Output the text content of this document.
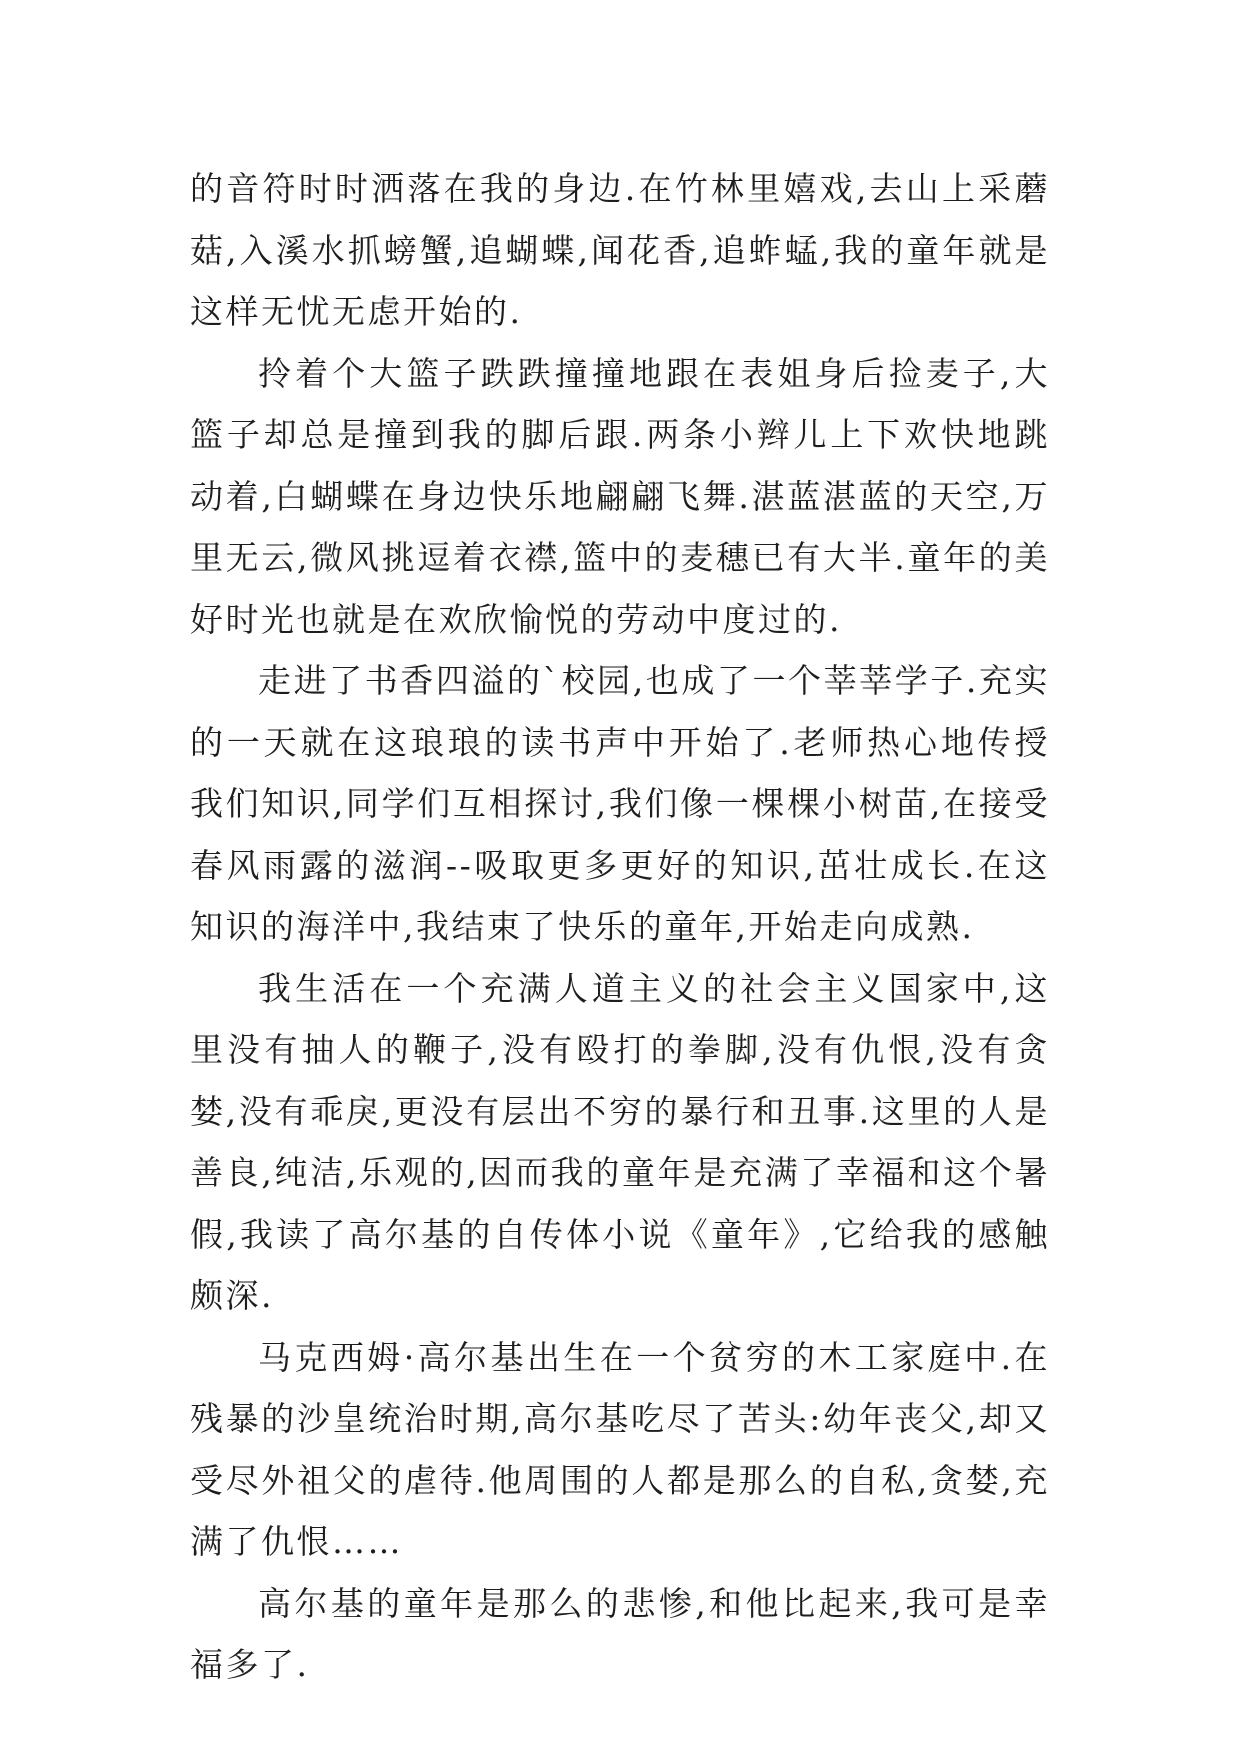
的音符时时洒落在我的身边.在竹林里嬉戏,去山上采蘑菇,入溪水抓螃蟹,追蝴蝶,闻花香,追蚱蜢,我的童年就是这样无忧无虑开始的.

拎着个大篮子跌跌撞撞地跟在表姐身后捡麦子,大篮子却总是撞到我的脚后跟.两条小辫儿上下欢快地跳动着,白蝴蝶在身边快乐地翩翩飞舞.湛蓝湛蓝的天空,万里无云,微风挑逗着衣襟,篮中的麦穗已有大半.童年的美好时光也就是在欢欣愉悦的劳动中度过的.

走进了书香四溢的`校园,也成了一个莘莘学子.充实的一天就在这琅琅的读书声中开始了.老师热心地传授我们知识,同学们互相探讨,我们像一棵棵小树苗,在接受春风雨露的滋润--吸取更多更好的知识,茁壮成长.在这知识的海洋中,我结束了快乐的童年,开始走向成熟.

我生活在一个充满人道主义的社会主义国家中,这里没有抽人的鞭子,没有殴打的拳脚,没有仇恨,没有贪婪,没有乖戾,更没有层出不穷的暴行和丑事.这里的人是善良,纯洁,乐观的,因而我的童年是充满了幸福和这个暑假,我读了高尔基的自传体小说《童年》,它给我的感触颇深.

马克西姆·高尔基出生在一个贫穷的木工家庭中.在残暴的沙皇统治时期,高尔基吃尽了苦头:幼年丧父,却又受尽外祖父的虐待.他周围的人都是那么的自私,贪婪,充满了仇恨……

高尔基的童年是那么的悲惨,和他比起来,我可是幸福多了.
